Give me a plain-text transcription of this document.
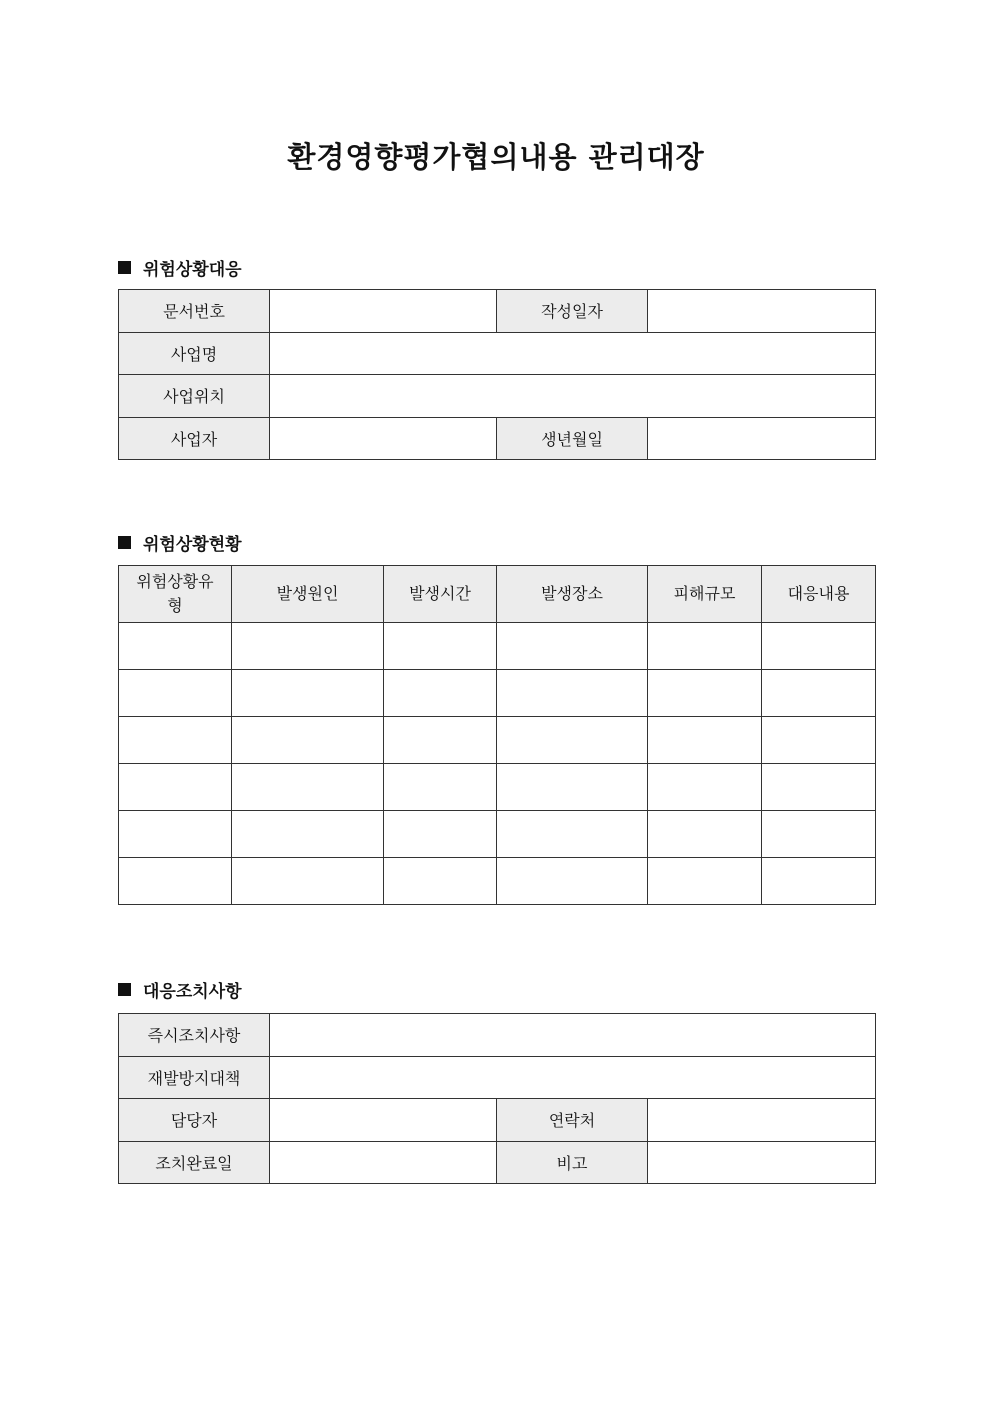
환경영향평가협의내용 관리대장
위험상황대응
문서번호		작성일자	
사업명			
사업위치			
사업자		생년월일	
위험상황현황
위험상황유형	발생원인	발생시간	발생장소	피해규모	대응내용

대응조치사항
즉시조치사항			
재발방지대책			
담당자		연락처	
조치완료일		비고	
